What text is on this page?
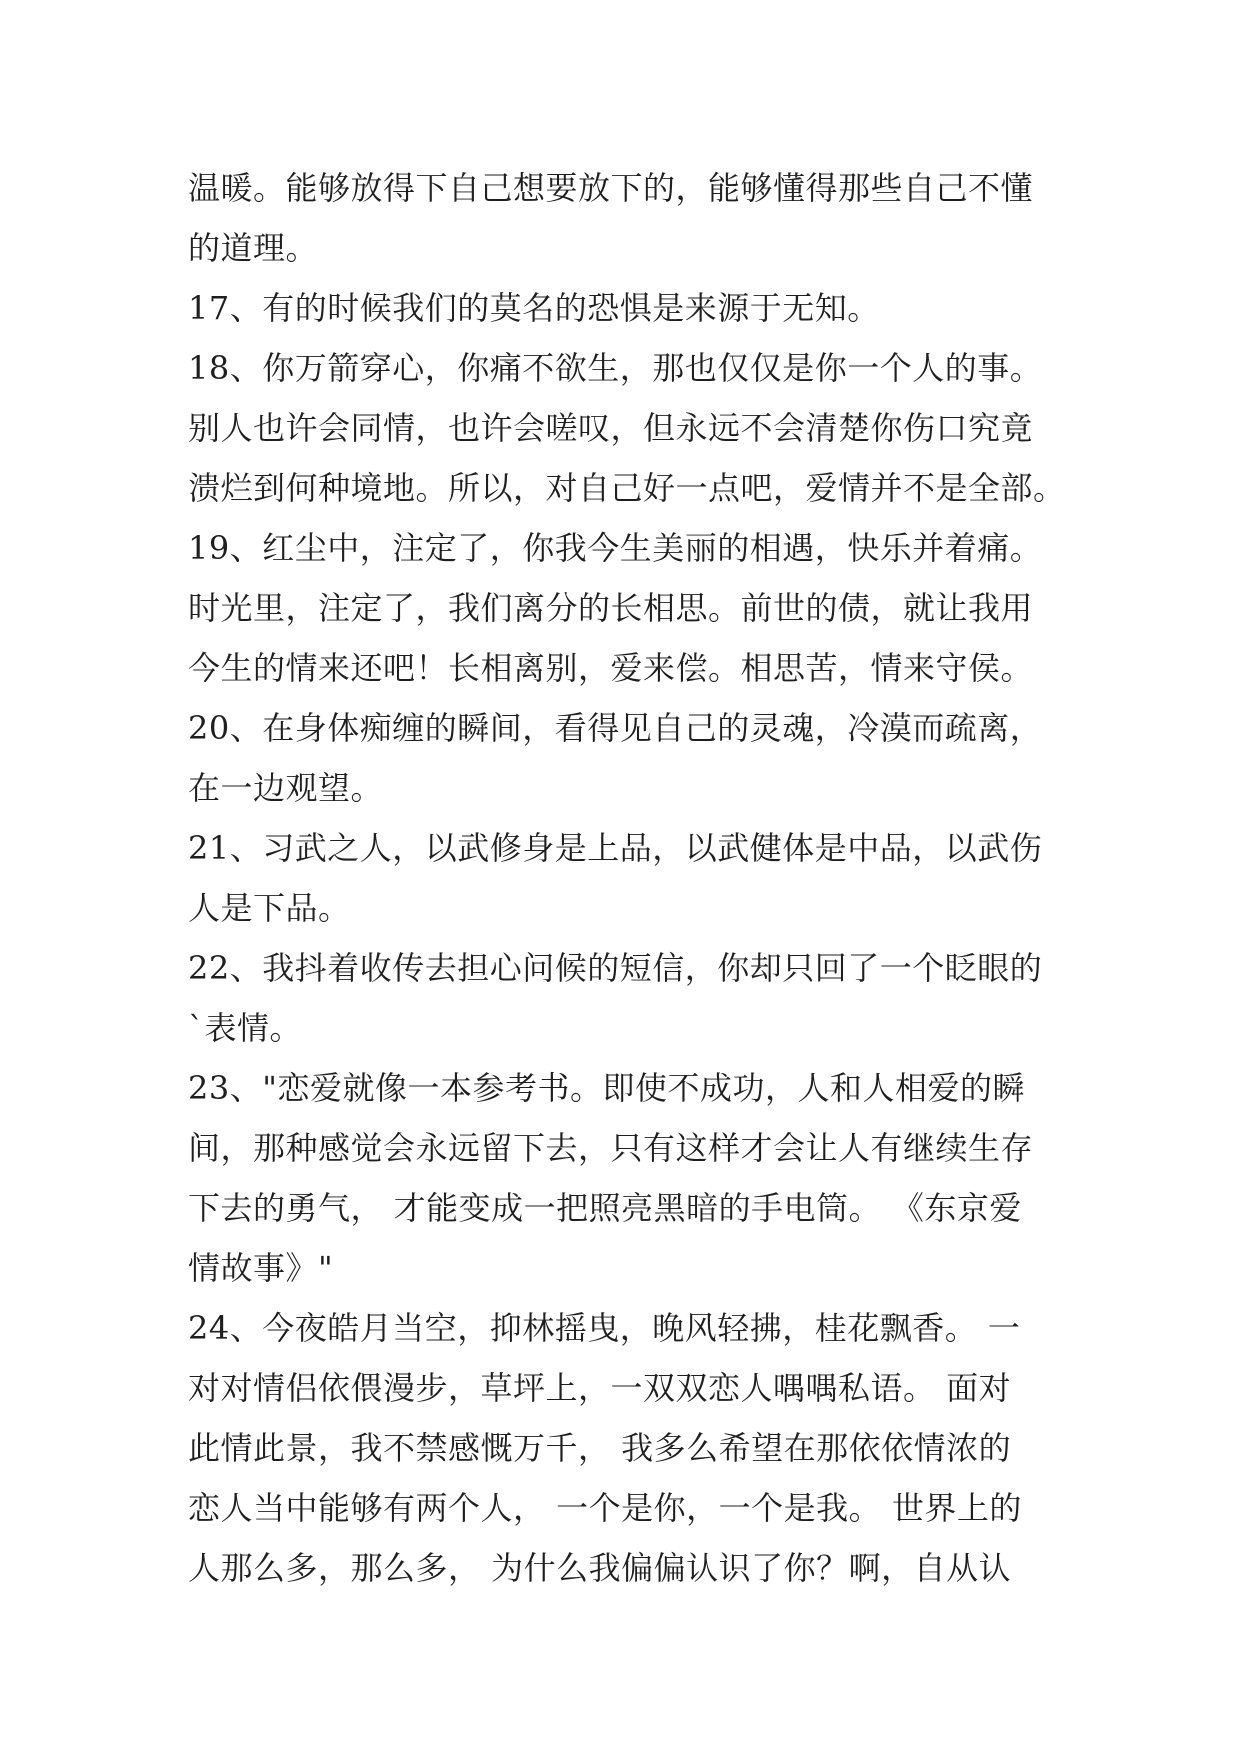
温暖。能够放得下自己想要放下的，能够懂得那些自己不懂
的道理。
17、有的时候我们的莫名的恐惧是来源于无知。
18、你万箭穿心，你痛不欲生，那也仅仅是你一个人的事。
别人也许会同情，也许会嗟叹，但永远不会清楚你伤口究竟
溃烂到何种境地。所以，对自己好一点吧，爱情并不是全部。
19、红尘中，注定了，你我今生美丽的相遇，快乐并着痛。
时光里，注定了，我们离分的长相思。前世的债，就让我用
今生的情来还吧！长相离别，爱来偿。相思苦，情来守侯。
20、在身体痴缠的瞬间，看得见自己的灵魂，冷漠而疏离，
在一边观望。
21、习武之人，以武修身是上品，以武健体是中品，以武伤
人是下品。
22、我抖着收传去担心问候的短信，你却只回了一个眨眼的
`表情。
23、"恋爱就像一本参考书。即使不成功，人和人相爱的瞬
间，那种感觉会永远留下去，只有这样才会让人有继续生存
下去的勇气， 才能变成一把照亮黑暗的手电筒。 《东京爱
情故事》"
24、今夜皓月当空，抑林摇曳，晚风轻拂，桂花飘香。 一
对对情侣依偎漫步，草坪上，一双双恋人喁喁私语。 面对
此情此景，我不禁感慨万千， 我多么希望在那依依情浓的
恋人当中能够有两个人， 一个是你，一个是我。 世界上的
人那么多，那么多， 为什么我偏偏认识了你？啊，自从认
